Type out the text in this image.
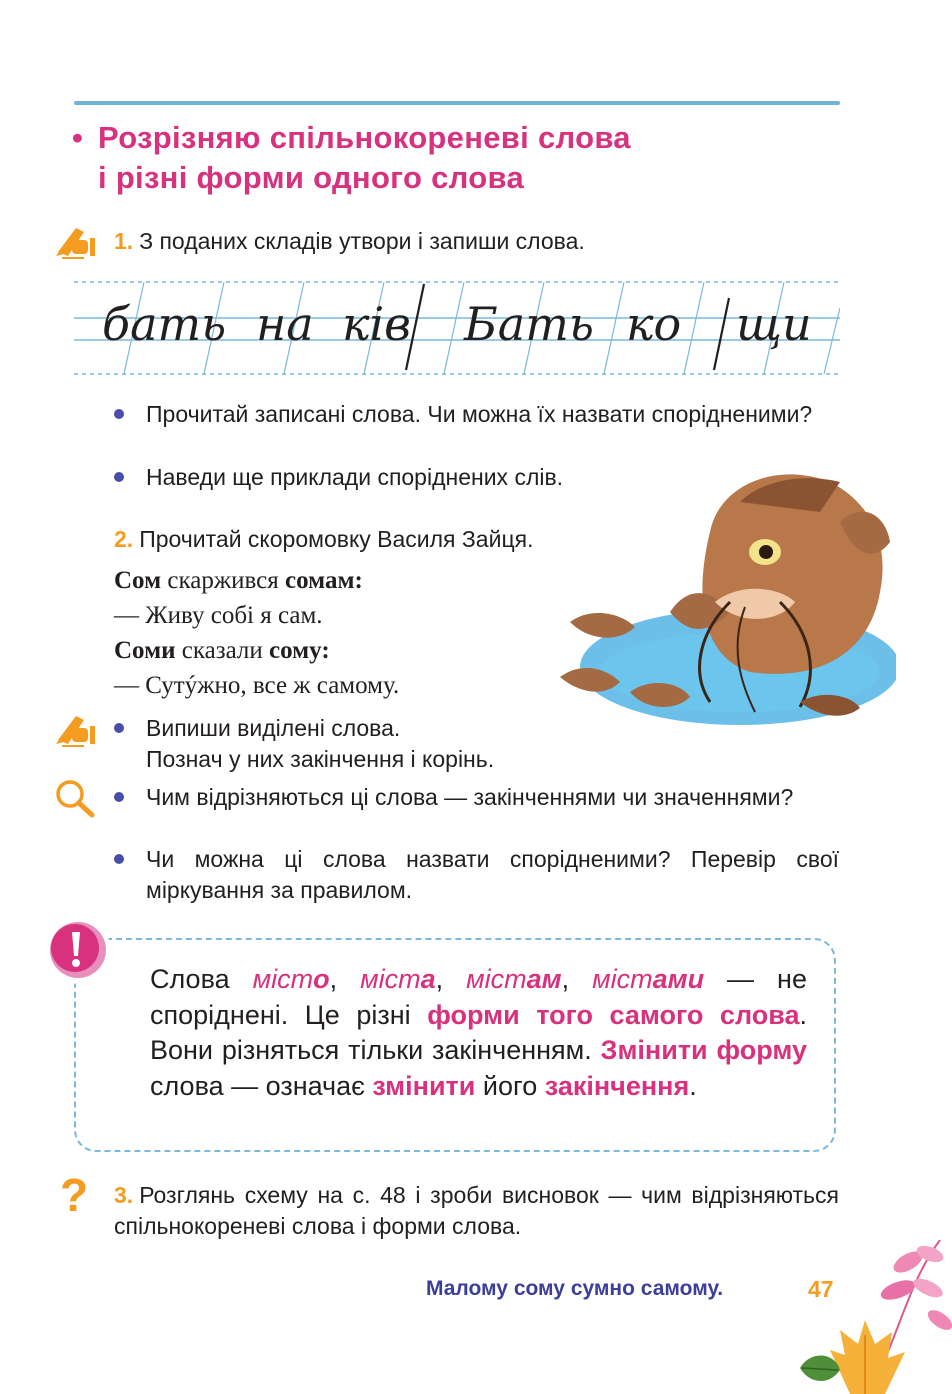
• Розрізняю спільнокореневі слова
і різні форми одного слова
1. З поданих складів утвори і запиши слова.
бать на ків Бать ко щи
Прочитай записані слова. Чи можна їх назвати спорідненими?
Наведи ще приклади споріднених слів.
2. Прочитай скоромовку Василя Зайця.
Сом скаржився сомам:
— Живу собі я сам.
Соми сказали сому:
— Сутýжно, все ж самому.
Випиши виділені слова.
Познач у них закінчення і корінь.
Чим відрізняються ці слова — закінченнями чи значеннями?
Чи можна ці слова назвати спорідненими? Перевір свої міркування за правилом.
Слова місто, міста, містам, містами — не споріднені. Це різні форми того самого слова. Вони різняться тільки закінченням. Змінити форму слова — означає змінити його закінчення.
? 3. Розглянь схему на с. 48 і зроби висновок — чим відрізняються спільнокореневі слова і форми слова.
Малому сому сумно самому.	47
